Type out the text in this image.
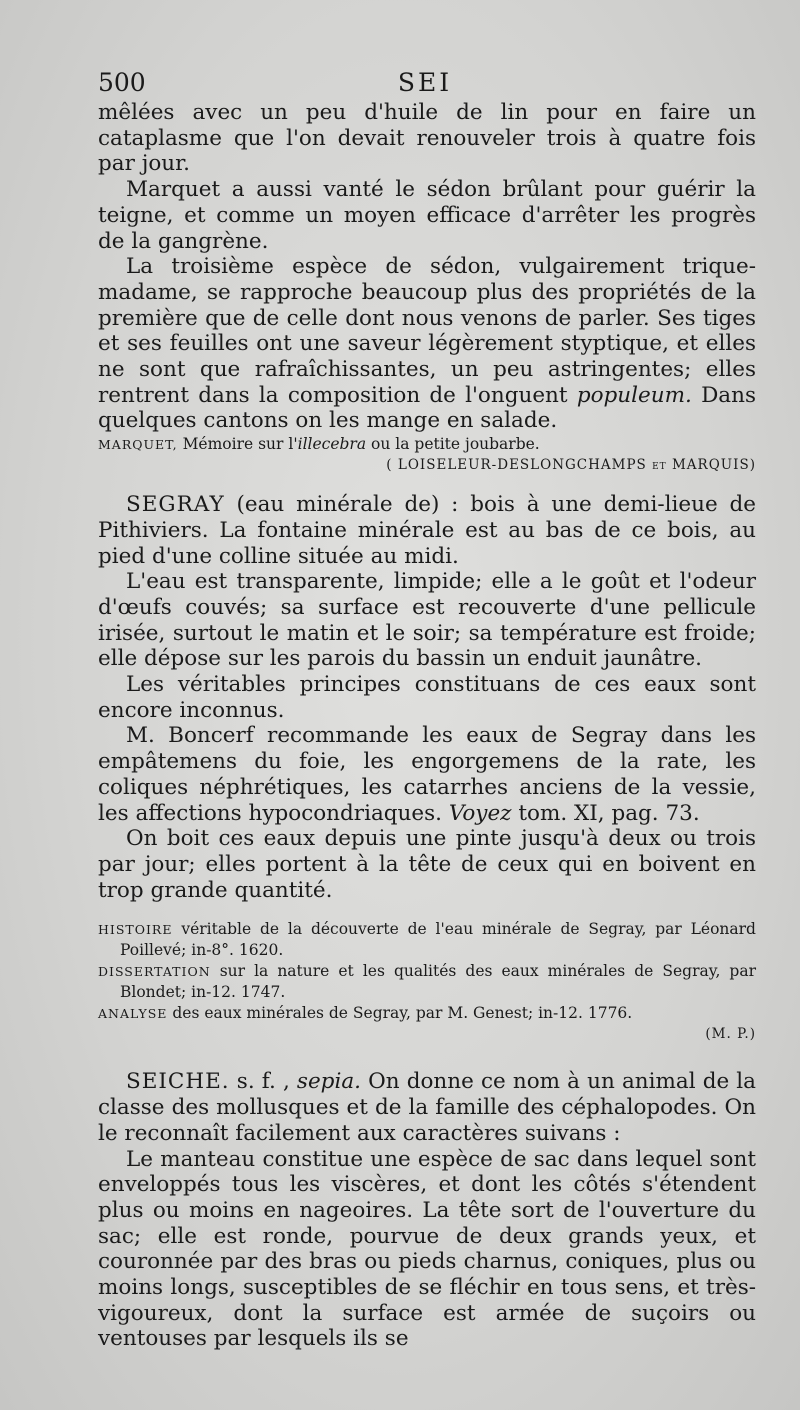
500	SEI

mêlées avec un peu d'huile de lin pour en faire un cataplasme que l'on devait renouveler trois à quatre fois par jour.

Marquet a aussi vanté le sédon brûlant pour guérir la teigne, et comme un moyen efficace d'arrêter les progrès de la gangrène.

La troisième espèce de sédon, vulgairement trique-madame, se rapproche beaucoup plus des propriétés de la première que de celle dont nous venons de parler. Ses tiges et ses feuilles ont une saveur légèrement styptique, et elles ne sont que rafraîchissantes, un peu astringentes; elles rentrent dans la composition de l'onguent populeum. Dans quelques cantons on les mange en salade.

MARQUET, Mémoire sur l'illecebra ou la petite joubarbe.

( LOISELEUR-DESLONGCHAMPS et MARQUIS)

SEGRAY (eau minérale de) : bois à une demi-lieue de Pithiviers. La fontaine minérale est au bas de ce bois, au pied d'une colline située au midi.

L'eau est transparente, limpide; elle a le goût et l'odeur d'œufs couvés; sa surface est recouverte d'une pellicule irisée, surtout le matin et le soir; sa température est froide; elle dépose sur les parois du bassin un enduit jaunâtre.

Les véritables principes constituans de ces eaux sont encore inconnus.

M. Boncerf recommande les eaux de Segray dans les empâtemens du foie, les engorgemens de la rate, les coliques néphrétiques, les catarrhes anciens de la vessie, les affections hypocondriaques. Voyez tom. XI, pag. 73.

On boit ces eaux depuis une pinte jusqu'à deux ou trois par jour; elles portent à la tête de ceux qui en boivent en trop grande quantité.

HISTOIRE véritable de la découverte de l'eau minérale de Segray, par Léonard Poillevé; in-8°. 1620.

DISSERTATION sur la nature et les qualités des eaux minérales de Segray, par Blondet; in-12. 1747.

ANALYSE des eaux minérales de Segray, par M. Genest; in-12. 1776.

(M. P.)

SEICHE. s. f. , sepia. On donne ce nom à un animal de la classe des mollusques et de la famille des céphalopodes. On le reconnaît facilement aux caractères suivans :

Le manteau constitue une espèce de sac dans lequel sont enveloppés tous les viscères, et dont les côtés s'étendent plus ou moins en nageoires. La tête sort de l'ouverture du sac; elle est ronde, pourvue de deux grands yeux, et couronnée par des bras ou pieds charnus, coniques, plus ou moins longs, susceptibles de se fléchir en tous sens, et très-vigoureux, dont la surface est armée de suçoirs ou ventouses par lesquels ils se
